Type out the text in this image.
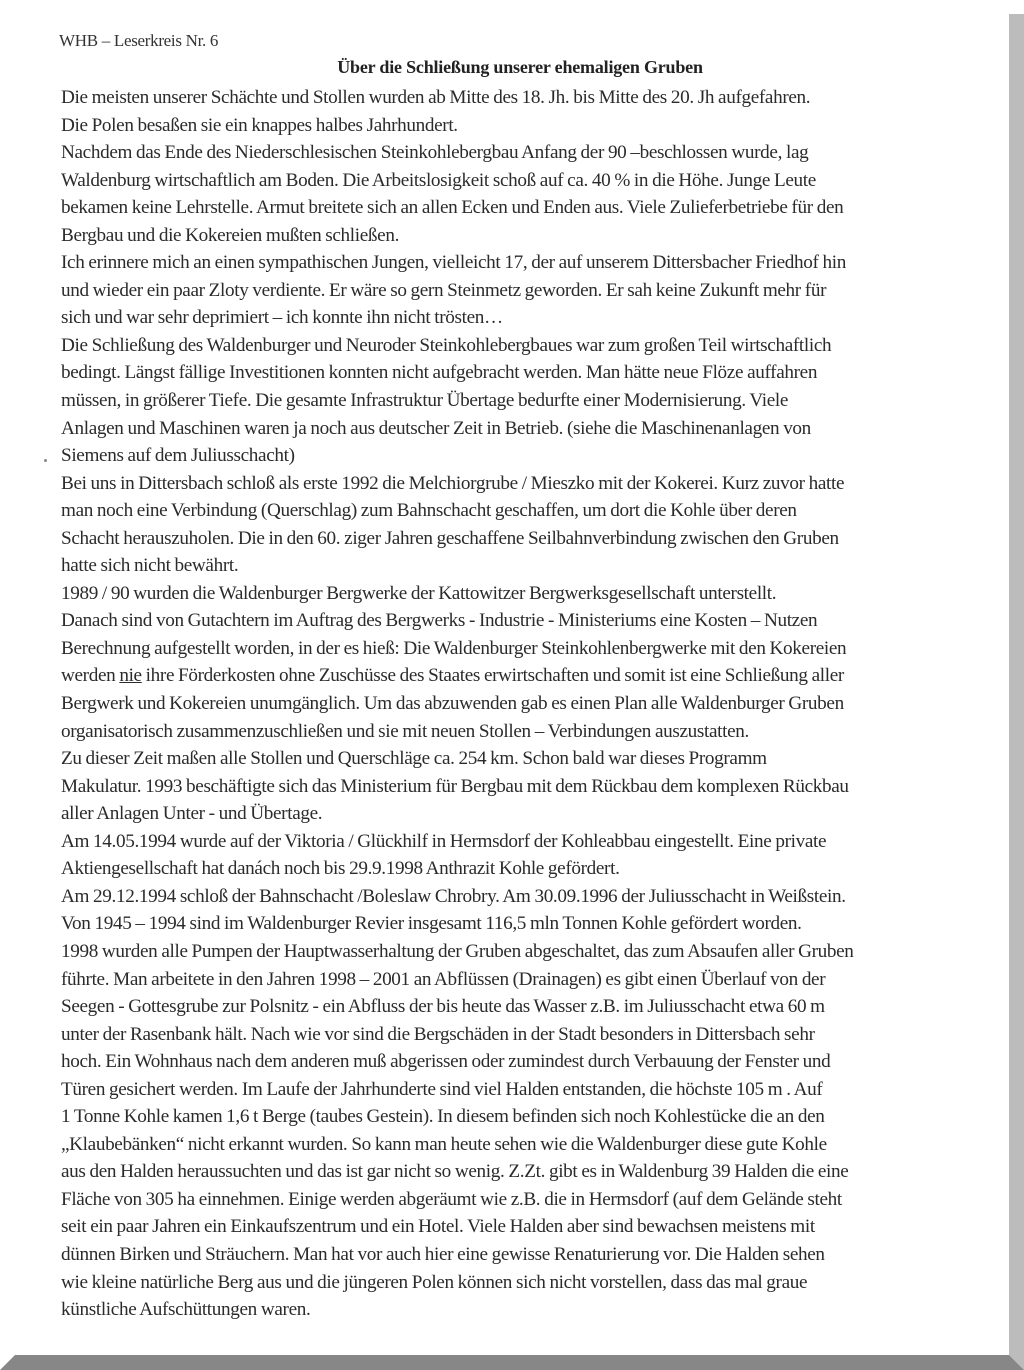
WHB – Leserkreis Nr. 6
Über die Schließung unserer ehemaligen Gruben
Die meisten unserer Schächte und Stollen wurden ab Mitte des 18. Jh. bis Mitte des 20. Jh aufgefahren.
Die Polen besaßen sie ein knappes halbes Jahrhundert.
Nachdem das Ende des Niederschlesischen Steinkohlebergbau Anfang der 90 –beschlossen wurde, lag
Waldenburg wirtschaftlich am Boden. Die Arbeitslosigkeit schoß auf ca. 40 % in die Höhe. Junge Leute
bekamen keine Lehrstelle. Armut breitete sich an allen Ecken und Enden aus. Viele Zulieferbetriebe für den
Bergbau und die Kokereien mußten schließen.
Ich erinnere mich an einen sympathischen Jungen, vielleicht 17, der auf unserem Dittersbacher Friedhof hin
und wieder ein paar Zloty verdiente. Er wäre so gern Steinmetz geworden. Er sah keine Zukunft mehr für
sich und war sehr deprimiert – ich konnte ihn nicht trösten…
Die Schließung des Waldenburger und Neuroder Steinkohlebergbaues war zum großen Teil wirtschaftlich
bedingt. Längst fällige Investitionen konnten nicht aufgebracht werden. Man hätte neue Flöze auffahren
müssen, in größerer Tiefe. Die gesamte Infrastruktur Übertage bedurfte einer Modernisierung. Viele
Anlagen und Maschinen waren ja noch aus deutscher Zeit in Betrieb. (siehe die Maschinenanlagen von
Siemens auf dem Juliusschacht)
Bei uns in Dittersbach schloß als erste 1992 die Melchiorgrube / Mieszko mit der Kokerei. Kurz zuvor hatte
man noch eine Verbindung (Querschlag) zum Bahnschacht geschaffen, um dort die Kohle über deren
Schacht herauszuholen. Die in den 60. ziger Jahren geschaffene Seilbahnverbindung zwischen den Gruben
hatte sich nicht bewährt.
1989 / 90 wurden die Waldenburger Bergwerke der Kattowitzer Bergwerksgesellschaft unterstellt.
Danach sind von Gutachtern im Auftrag des Bergwerks - Industrie - Ministeriums eine Kosten – Nutzen
Berechnung aufgestellt worden, in der es hieß: Die Waldenburger Steinkohlenbergwerke mit den Kokereien
werden nie ihre Förderkosten ohne Zuschüsse des Staates erwirtschaften und somit ist eine Schließung aller
Bergwerk und Kokereien unumgänglich. Um das abzuwenden gab es einen Plan alle Waldenburger Gruben
organisatorisch zusammenzuschließen und sie mit neuen Stollen – Verbindungen auszustatten.
Zu dieser Zeit maßen alle Stollen und Querschläge ca. 254 km. Schon bald war dieses Programm
Makulatur. 1993 beschäftigte sich das Ministerium für Bergbau mit dem Rückbau dem komplexen Rückbau
aller Anlagen Unter - und Übertage.
Am 14.05.1994 wurde auf der Viktoria / Glückhilf in Hermsdorf der Kohleabbau eingestellt. Eine private
Aktiengesellschaft hat danách noch bis 29.9.1998 Anthrazit Kohle gefördert.
Am 29.12.1994 schloß der Bahnschacht /Boleslaw Chrobry. Am 30.09.1996 der Juliusschacht in Weißstein.
Von 1945 – 1994 sind im Waldenburger Revier insgesamt 116,5 mln Tonnen Kohle gefördert worden.
1998 wurden alle Pumpen der Hauptwasserhaltung der Gruben abgeschaltet, das zum Absaufen aller Gruben
führte. Man arbeitete in den Jahren 1998 – 2001 an Abflüssen (Drainagen) es gibt einen Überlauf von der
Seegen - Gottesgrube zur Polsnitz - ein Abfluss der bis heute das Wasser z.B. im Juliusschacht etwa 60 m
unter der Rasenbank hält. Nach wie vor sind die Bergschäden in der Stadt besonders in Dittersbach sehr
hoch. Ein Wohnhaus nach dem anderen muß abgerissen oder zumindest durch Verbauung der Fenster und
Türen gesichert werden. Im Laufe der Jahrhunderte sind viel Halden entstanden, die höchste 105 m . Auf
1 Tonne Kohle kamen 1,6 t Berge (taubes Gestein). In diesem befinden sich noch Kohlestücke die an den
„Klaubebänken“ nicht erkannt wurden. So kann man heute sehen wie die Waldenburger diese gute Kohle
aus den Halden heraussuchten und das ist gar nicht so wenig. Z.Zt. gibt es in Waldenburg 39 Halden die eine
Fläche von 305 ha einnehmen. Einige werden abgeräumt wie z.B. die in Hermsdorf (auf dem Gelände steht
seit ein paar Jahren ein Einkaufszentrum und ein Hotel. Viele Halden aber sind bewachsen meistens mit
dünnen Birken und Sträuchern. Man hat vor auch hier eine gewisse Renaturierung vor. Die Halden sehen
wie kleine natürliche Berg aus und die jüngeren Polen können sich nicht vorstellen, dass das mal graue
künstliche Aufschüttungen waren.
